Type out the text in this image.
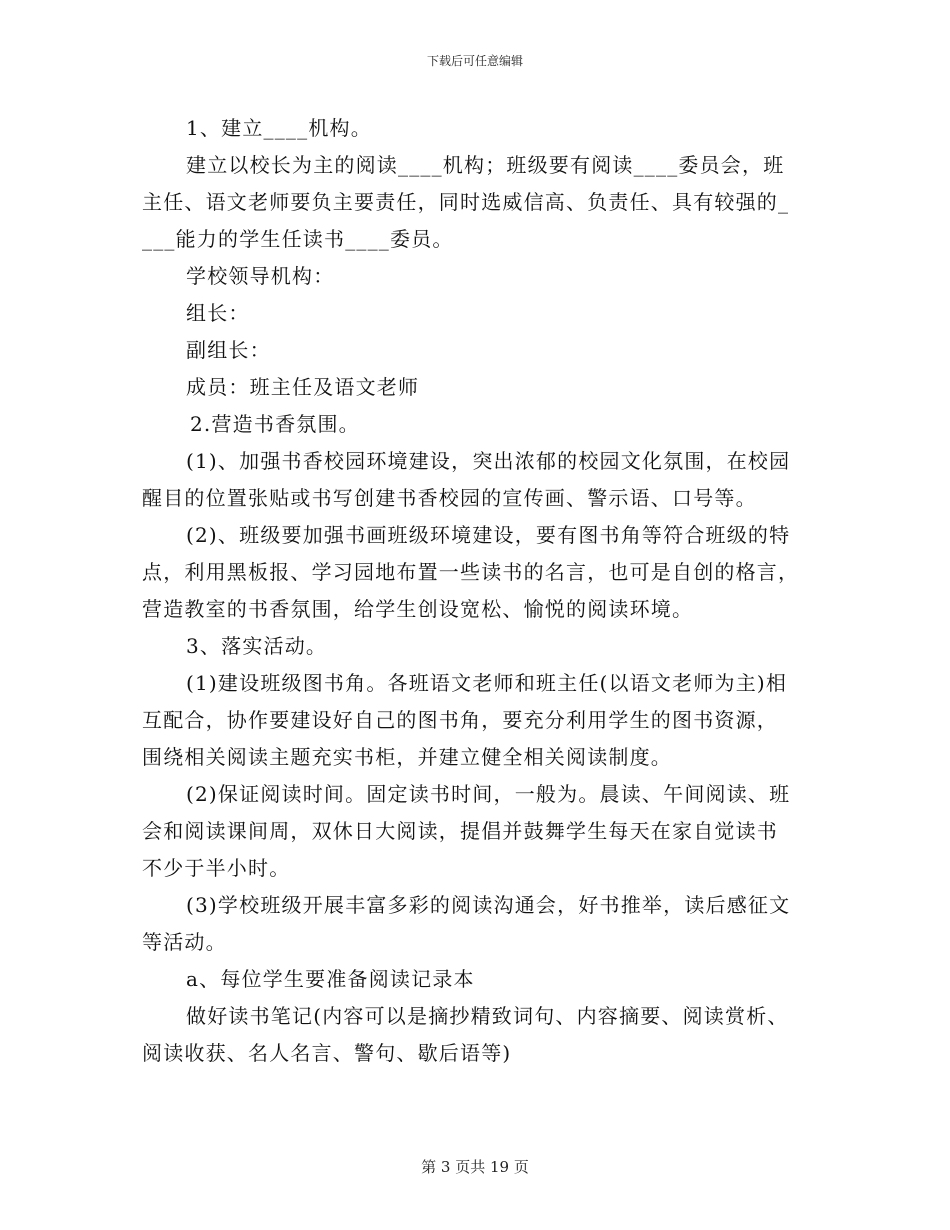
下载后可任意编辑
1、建立____机构。
建立以校长为主的阅读____机构；班级要有阅读____委员会，班
主任、语文老师要负主要责任，同时选威信高、负责任、具有较强的_
___能力的学生任读书____委员。
学校领导机构：
组长：
副组长：
成员：班主任及语文老师
2.营造书香氛围。
(1)、加强书香校园环境建设，突出浓郁的校园文化氛围，在校园
醒目的位置张贴或书写创建书香校园的宣传画、警示语、口号等。
(2)、班级要加强书画班级环境建设，要有图书角等符合班级的特
点，利用黑板报、学习园地布置一些读书的名言，也可是自创的格言，
营造教室的书香氛围，给学生创设宽松、愉悦的阅读环境。
3、落实活动。
(1)建设班级图书角。各班语文老师和班主任(以语文老师为主)相
互配合，协作要建设好自己的图书角，要充分利用学生的图书资源，
围绕相关阅读主题充实书柜，并建立健全相关阅读制度。
(2)保证阅读时间。固定读书时间，一般为。晨读、午间阅读、班
会和阅读课间周，双休日大阅读，提倡并鼓舞学生每天在家自觉读书
不少于半小时。
(3)学校班级开展丰富多彩的阅读沟通会，好书推举，读后感征文
等活动。
a、每位学生要准备阅读记录本
做好读书笔记(内容可以是摘抄精致词句、内容摘要、阅读赏析、
阅读收获、名人名言、警句、歇后语等)
第 3 页共 19 页
